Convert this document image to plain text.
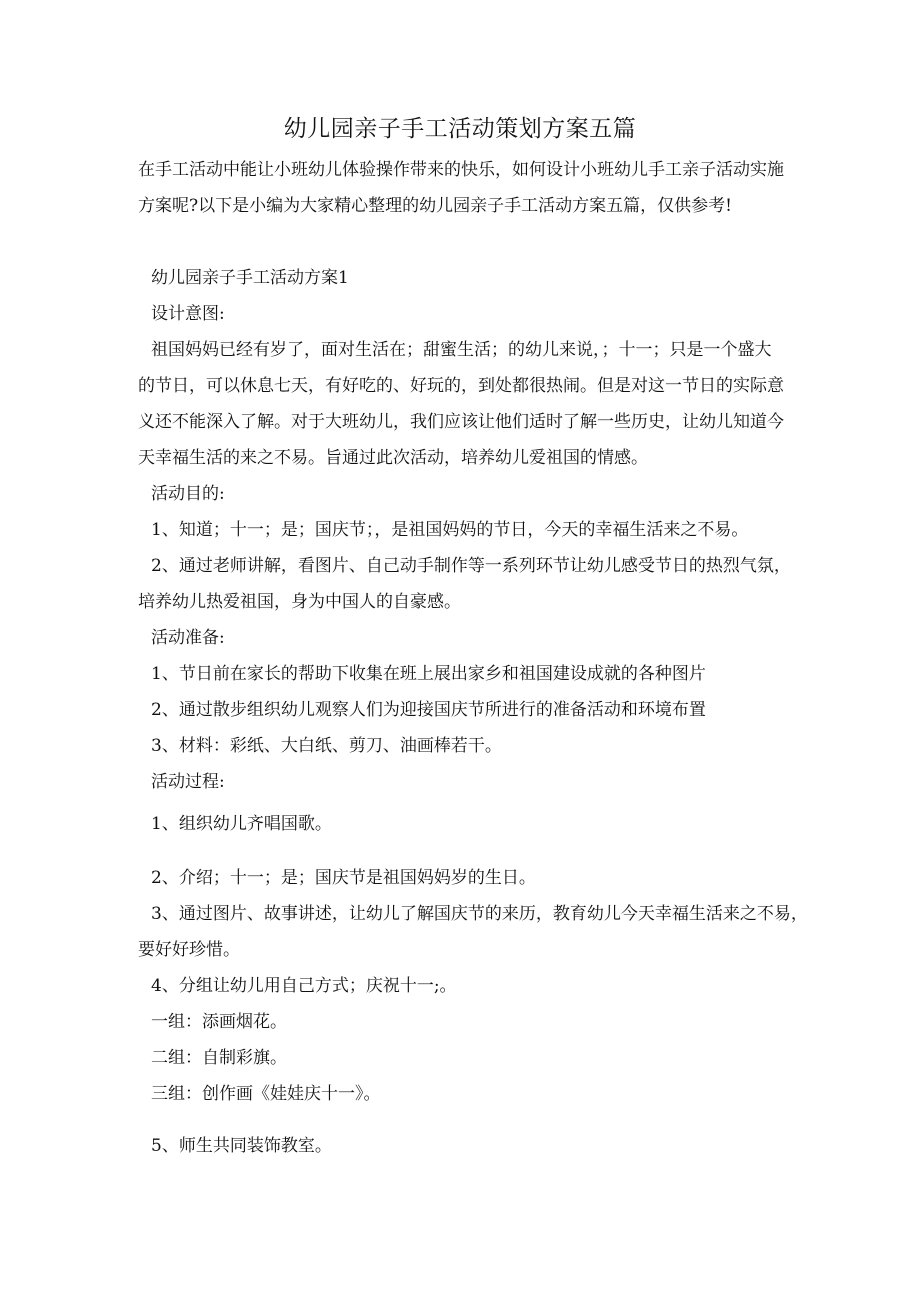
幼儿园亲子手工活动策划方案五篇
在手工活动中能让小班幼儿体验操作带来的快乐，如何设计小班幼儿手工亲子活动实施
方案呢?以下是小编为大家精心整理的幼儿园亲子手工活动方案五篇，仅供参考!
幼儿园亲子手工活动方案1
设计意图:
祖国妈妈已经有岁了，面对生活在；甜蜜生活；的幼儿来说，；十一；只是一个盛大
的节日，可以休息七天，有好吃的、好玩的，到处都很热闹。但是对这一节日的实际意
义还不能深入了解。对于大班幼儿，我们应该让他们适时了解一些历史，让幼儿知道今
天幸福生活的来之不易。旨通过此次活动，培养幼儿爱祖国的情感。
活动目的:
1、知道；十一；是；国庆节；，是祖国妈妈的节日，今天的幸福生活来之不易。
2、通过老师讲解，看图片、自己动手制作等一系列环节让幼儿感受节日的热烈气氛，
培养幼儿热爱祖国，身为中国人的自豪感。
活动准备:
1、节日前在家长的帮助下收集在班上展出家乡和祖国建设成就的各种图片
2、通过散步组织幼儿观察人们为迎接国庆节所进行的准备活动和环境布置
3、材料：彩纸、大白纸、剪刀、油画棒若干。
活动过程:
1、组织幼儿齐唱国歌。
2、介绍；十一；是；国庆节是祖国妈妈岁的生日。
3、通过图片、故事讲述，让幼儿了解国庆节的来历，教育幼儿今天幸福生活来之不易，
要好好珍惜。
4、分组让幼儿用自己方式；庆祝十一;。
一组：添画烟花。
二组：自制彩旗。
三组：创作画《娃娃庆十一》。
5、师生共同装饰教室。
